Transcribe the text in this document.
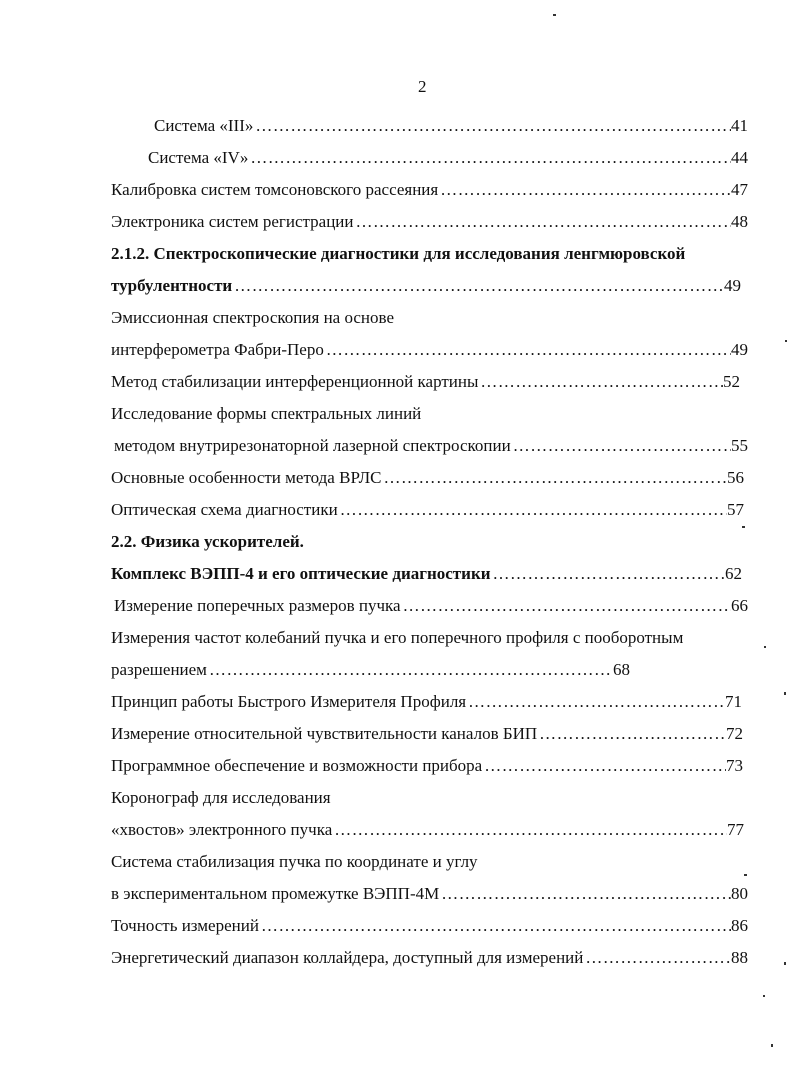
2
Система «III» …………………………………………………………………………………………………………………………………………………………	41
Система «IV» …………………………………………………………………………………………………………………………………………………………	44
Калибровка систем томсоновского рассеяния …………………………………………………………………………………………………………………………………………………………	47
Электроника систем регистрации …………………………………………………………………………………………………………………………………………………………	48
2.1.2. Спектроскопические диагностики для исследования ленгмюровской
турбулентности …………………………………………………………………………………………………………………………………………………………	49
Эмиссионная спектроскопия на основе
интерферометра Фабри-Перо …………………………………………………………………………………………………………………………………………………………	49
Метод стабилизации интерференционной картины …………………………………………………………………………………………………………………………………………………………	52
Исследование формы спектральных линий
методом внутрирезонаторной лазерной спектроскопии …………………………………………………………………………………………………………………………………………………………	55
Основные особенности метода ВРЛС …………………………………………………………………………………………………………………………………………………………	56
Оптическая схема диагностики …………………………………………………………………………………………………………………………………………………………	57
2.2. Физика ускорителей.
Комплекс ВЭПП-4 и его оптические диагностики …………………………………………………………………………………………………………………………………………………………	62
Измерение поперечных размеров пучка …………………………………………………………………………………………………………………………………………………………	66
Измерения частот колебаний пучка и его поперечного профиля с пооборотным
разрешением …………………………………………………………………………………………………………………………………………………………	68
Принцип работы Быстрого Измерителя Профиля …………………………………………………………………………………………………………………………………………………………	71
Измерение относительной чувствительности каналов БИП …………………………………………………………………………………………………………………………………………………………	72
Программное обеспечение и возможности прибора …………………………………………………………………………………………………………………………………………………………	73
Коронограф для исследования
«хвостов» электронного пучка …………………………………………………………………………………………………………………………………………………………	77
Система стабилизация пучка по координате и углу
в экспериментальном промежутке ВЭПП-4М …………………………………………………………………………………………………………………………………………………………	80
Точность измерений …………………………………………………………………………………………………………………………………………………………	86
Энергетический диапазон коллайдера, доступный для измерений …………………………………………………………………………………………………………………………………………………………	88
